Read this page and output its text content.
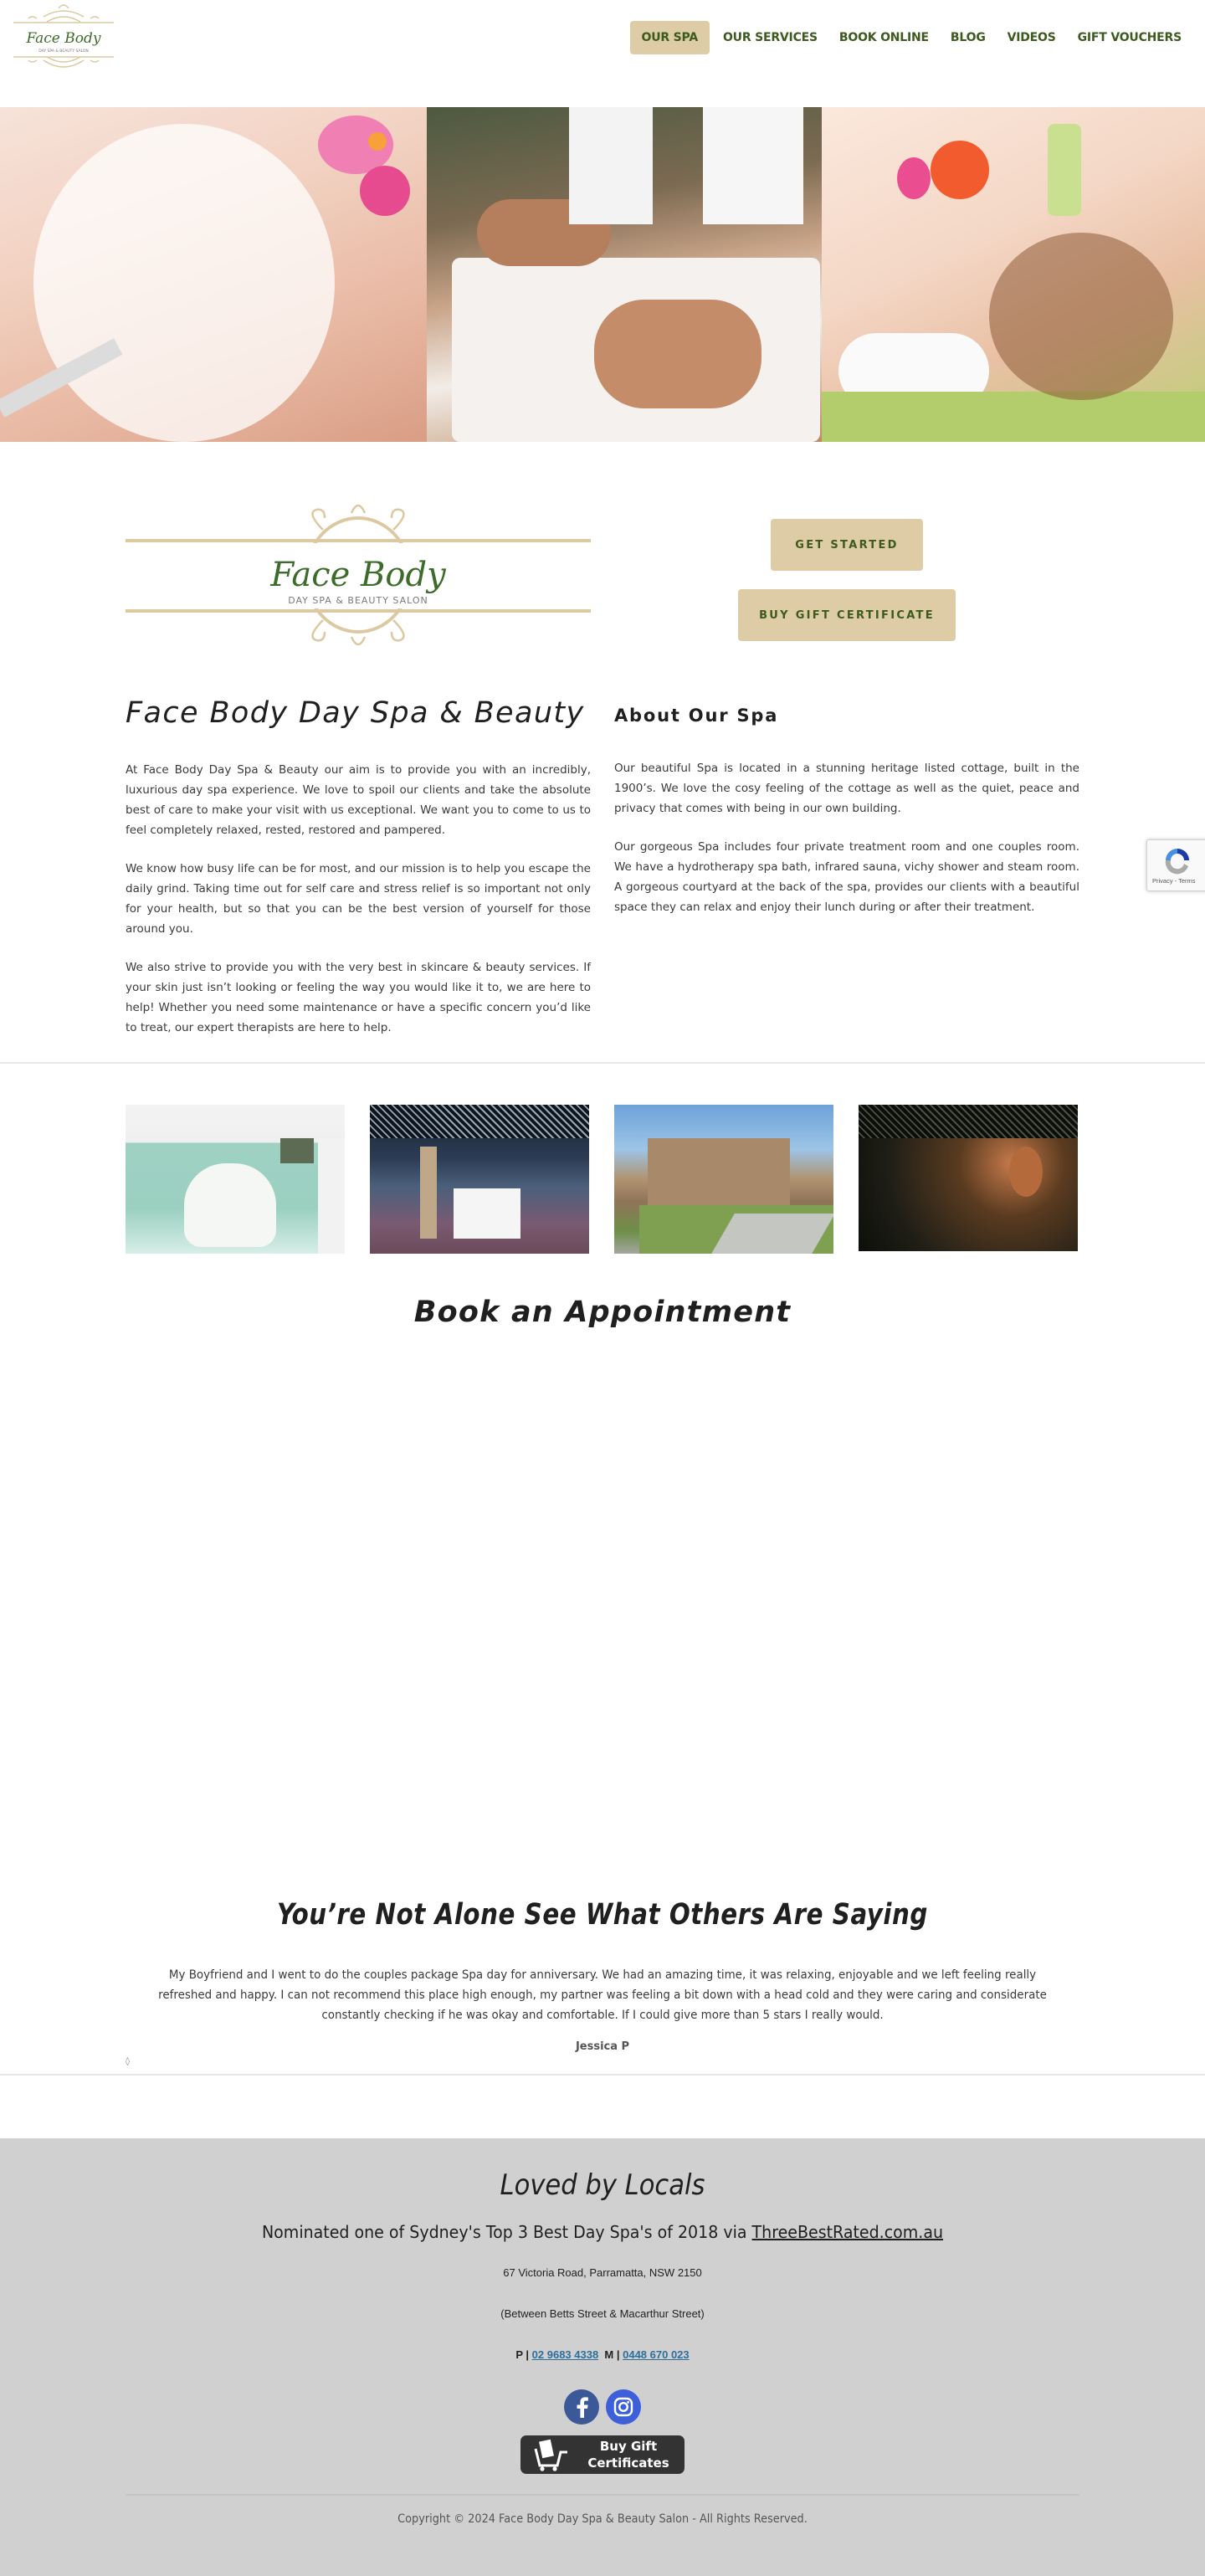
Face Body
DAY SPA & BEAUTY SALON
OUR SPA	OUR SERVICES	BOOK ONLINE	BLOG	VIDEOS	GIFT VOUCHERS
Face Body
DAY SPA & BEAUTY SALON
GET STARTED
BUY GIFT CERTIFICATE
Face Body Day Spa & Beauty

At Face Body Day Spa & Beauty our aim is to provide you with an incredibly, luxurious day spa experience. We love to spoil our clients and take the absolute best of care to make your visit with us exceptional. We want you to come to us to feel completely relaxed, rested, restored and pampered.

We know how busy life can be for most, and our mission is to help you escape the daily grind. Taking time out for self care and stress relief is so important not only for your health, but so that you can be the best version of yourself for those around you.

We also strive to provide you with the very best in skincare & beauty services. If your skin just isn’t looking or feeling the way you would like it to, we are here to help! Whether you need some maintenance or have a specific concern you’d like to treat, our expert therapists are here to help.

About Our Spa

Our beautiful Spa is located in a stunning heritage listed cottage, built in the 1900’s. We love the cosy feeling of the cottage as well as the quiet, peace and privacy that comes with being in our own building.

Our gorgeous Spa includes four private treatment room and one couples room. We have a hydrotherapy spa bath, infrared sauna, vichy shower and steam room. A gorgeous courtyard at the back of the spa, provides our clients with a beautiful space they can relax and enjoy their lunch during or after their treatment.

Privacy - Terms
Book an Appointment
You’re Not Alone See What Others Are Saying

My Boyfriend and I went to do the couples package Spa day for anniversary. We had an amazing time, it was relaxing, enjoyable and we left feeling really refreshed and happy. I can not recommend this place high enough, my partner was feeling a bit down with a head cold and they were caring and considerate constantly checking if he was okay and comfortable. If I could give more than 5 stars I really would.

Jessica P
◊
Loved by Locals

Nominated one of Sydney's Top 3 Best Day Spa's of 2018 via ThreeBestRated.com.au

67 Victoria Road, Parramatta, NSW 2150

(Between Betts Street & Macarthur Street)

P | 02 9683 4338  M | 0448 670 023

Buy Gift
Certificates

Copyright © 2024 Face Body Day Spa & Beauty Salon - All Rights Reserved.
